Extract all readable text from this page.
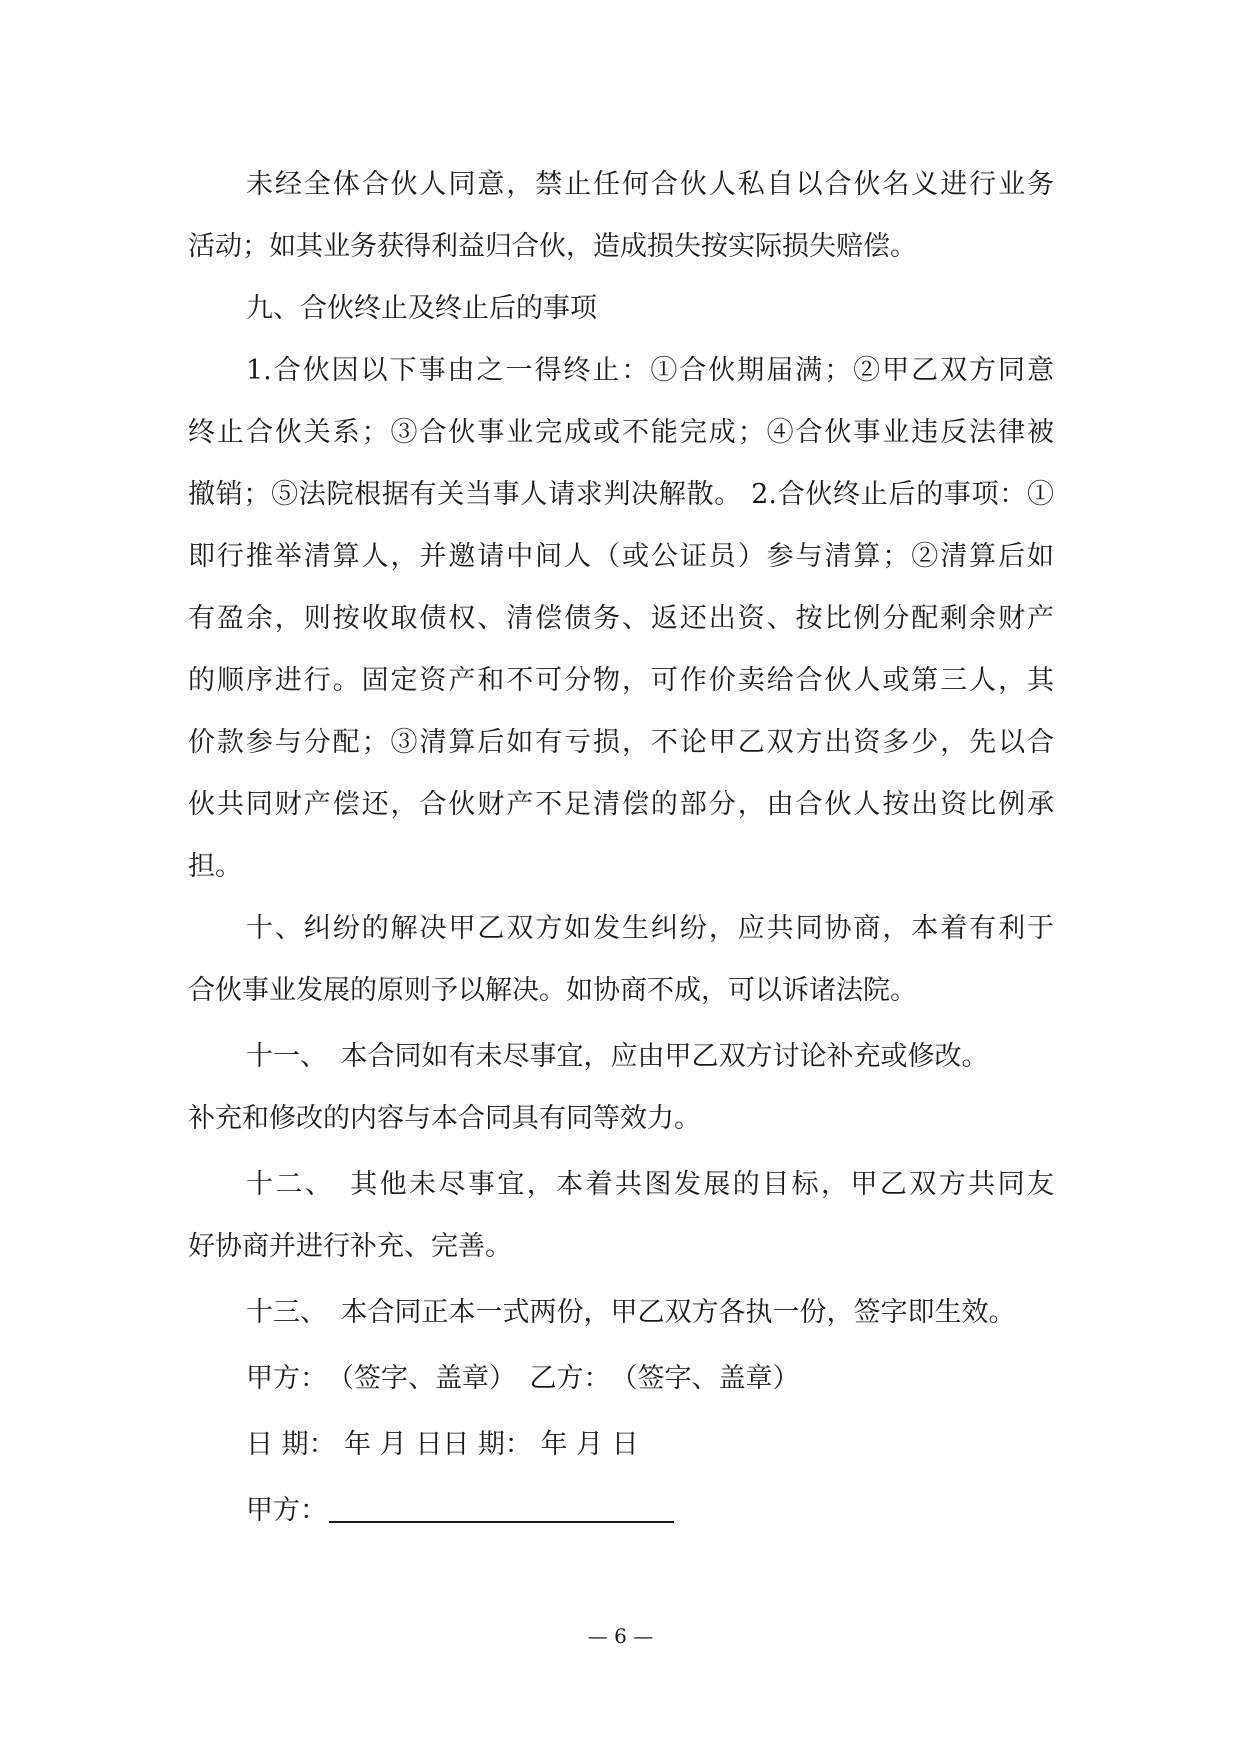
未经全体合伙人同意，禁止任何合伙人私自以合伙名义进行业务
活动；如其业务获得利益归合伙，造成损失按实际损失赔偿。
九、合伙终止及终止后的事项
1.合伙因以下事由之一得终止：①合伙期届满；②甲乙双方同意
终止合伙关系；③合伙事业完成或不能完成；④合伙事业违反法律被
撤销；⑤法院根据有关当事人请求判决解散。 2.合伙终止后的事项：①
即行推举清算人，并邀请中间人（或公证员）参与清算；②清算后如
有盈余，则按收取债权、清偿债务、返还出资、按比例分配剩余财产
的顺序进行。固定资产和不可分物，可作价卖给合伙人或第三人，其
价款参与分配；③清算后如有亏损，不论甲乙双方出资多少，先以合
伙共同财产偿还，合伙财产不足清偿的部分，由合伙人按出资比例承
担。
十、纠纷的解决甲乙双方如发生纠纷，应共同协商，本着有利于
合伙事业发展的原则予以解决。如协商不成，可以诉诸法院。
十一、　本合同如有未尽事宜，应由甲乙双方讨论补充或修改。
补充和修改的内容与本合同具有同等效力。
十二、　其他未尽事宜，本着共图发展的目标，甲乙双方共同友
好协商并进行补充、完善。
十三、　本合同正本一式两份，甲乙双方各执一份，签字即生效。
甲方：　（签字、盖章）　乙方：　（签字、盖章）
日 期： 年 月 日日 期： 年 月 日
甲方：
— 6 —
